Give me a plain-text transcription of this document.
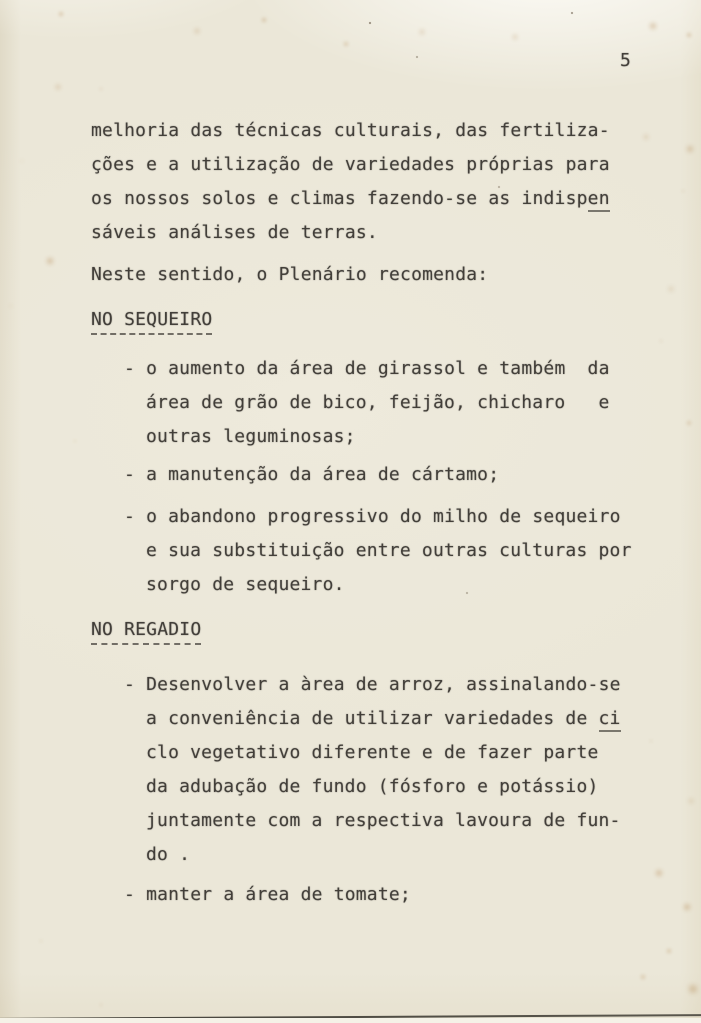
5
melhoria das técnicas culturais, das fertiliza-
ções e a utilização de variedades próprias para
os nossos solos e climas fazendo-se as indispen
sáveis análises de terras.
Neste sentido, o Plenário recomenda:
NO SEQUEIRO
- o aumento da área de girassol e também  da
área de grão de bico, feijão, chicharo   e
outras leguminosas;
- a manutenção da área de cártamo;
- o abandono progressivo do milho de sequeiro
e sua substituição entre outras culturas por
sorgo de sequeiro.
NO REGADIO
- Desenvolver a àrea de arroz, assinalando-se
a conveniência de utilizar variedades de ci
clo vegetativo diferente e de fazer parte
da adubação de fundo (fósforo e potássio)
juntamente com a respectiva lavoura de fun-
do .
- manter a área de tomate;
